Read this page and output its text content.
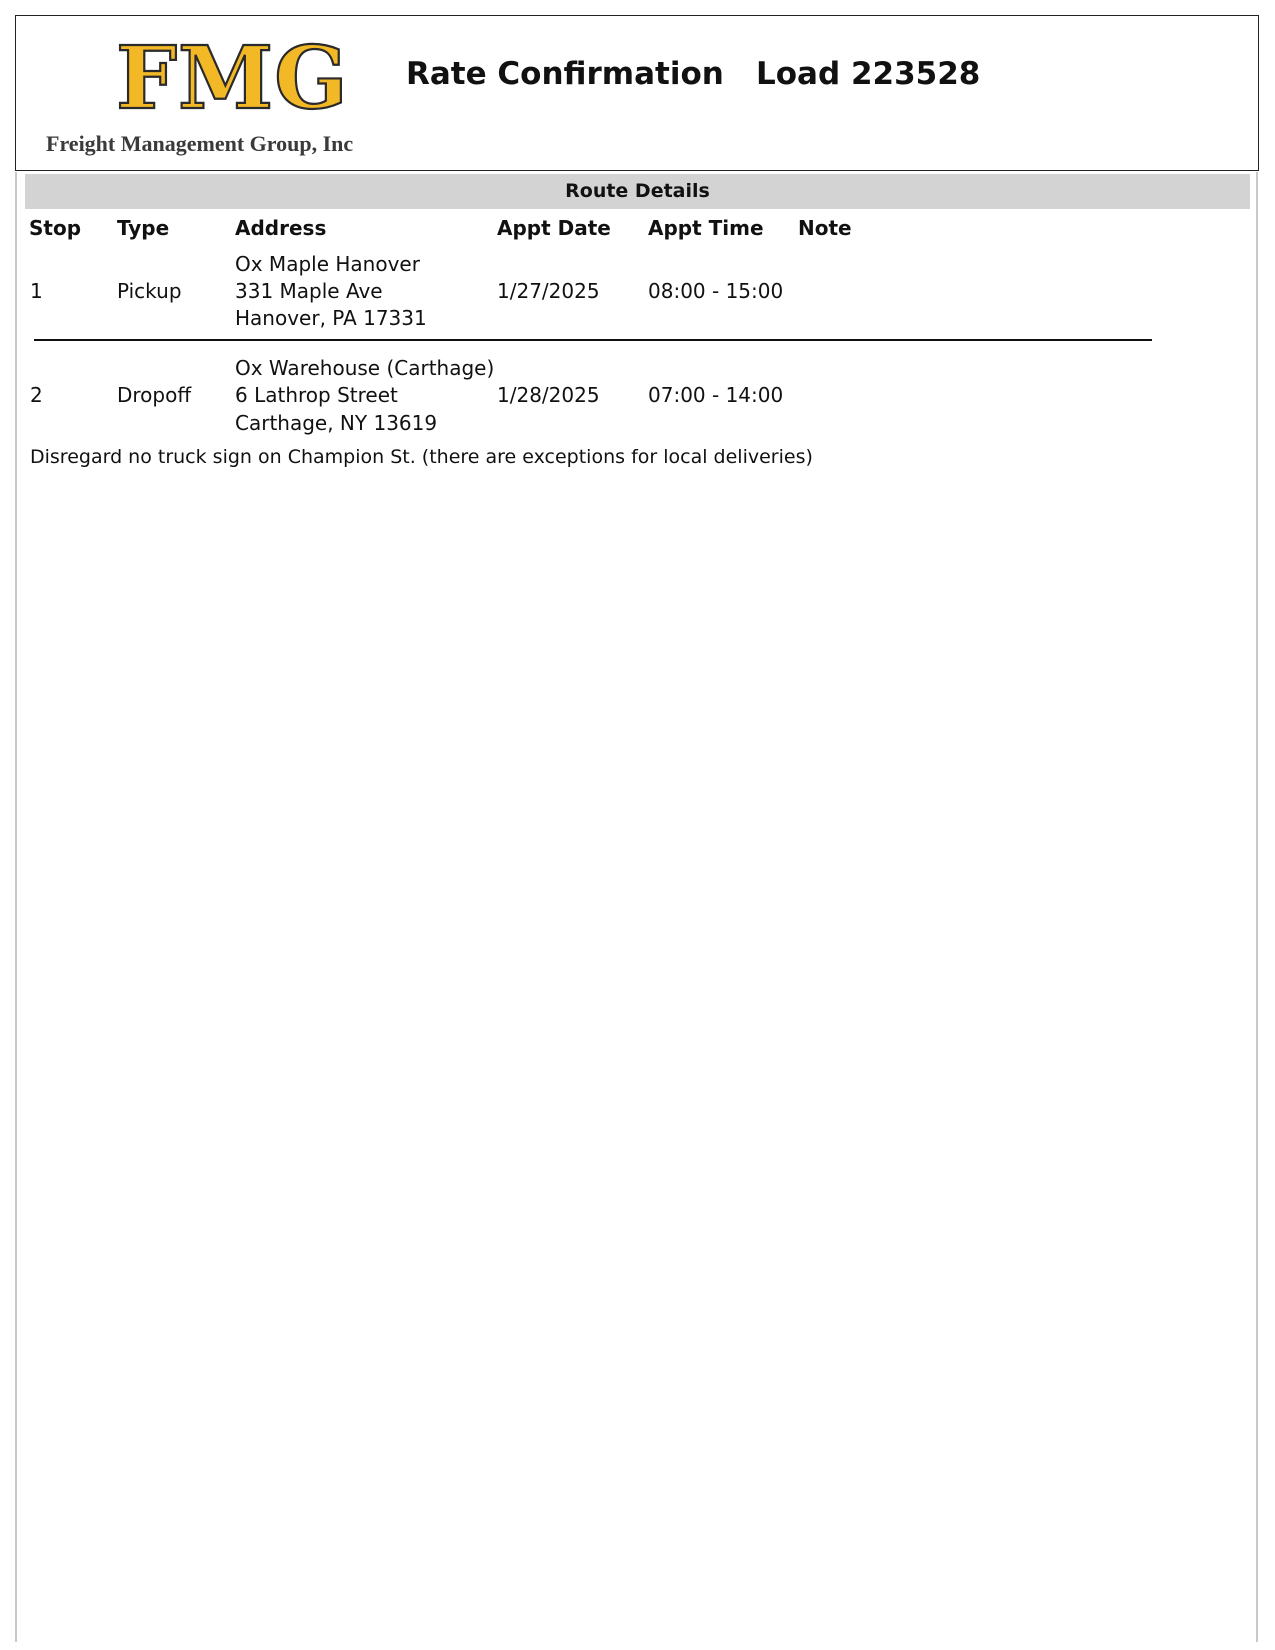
FMG
Freight Management Group, Inc
Rate Confirmation Load 223528
Route Details
Stop Type	Address	Appt Date Appt Time Note
1	Pickup
Ox Maple Hanover
331 Maple Ave
Hanover, PA 17331
1/27/2025 08:00 - 15:00
2	Dropoff
Ox Warehouse (Carthage)
6 Lathrop Street
Carthage, NY 13619
1/28/2025 07:00 - 14:00
Disregard no truck sign on Champion St. (there are exceptions for local deliveries)
